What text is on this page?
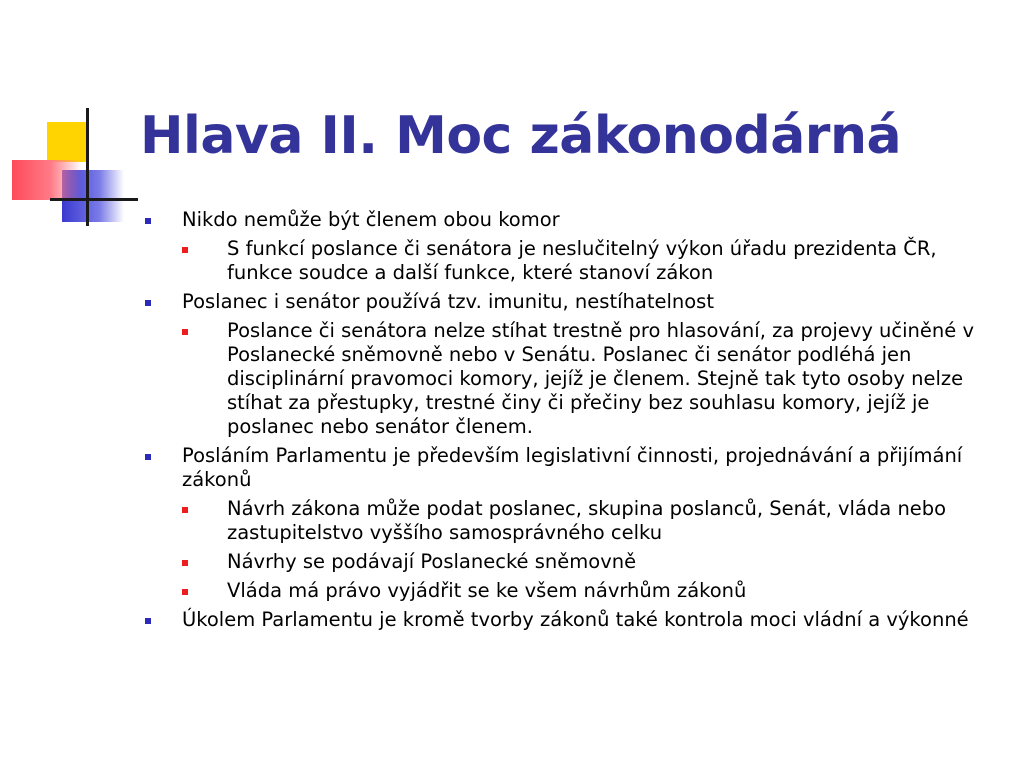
Hlava II. Moc zákonodárná
Nikdo nemůže být členem obou komor
S funkcí poslance či senátora je neslučitelný výkon úřadu prezidenta ČR, funkce soudce a další funkce, které stanoví zákon
Poslanec i senátor používá tzv. imunitu, nestíhatelnost
Poslance či senátora nelze stíhat trestně pro hlasování, za projevy učiněné v Poslanecké sněmovně nebo v Senátu. Poslanec či senátor podléhá jen disciplinární pravomoci komory, jejíž je členem. Stejně tak tyto osoby nelze stíhat za přestupky, trestné činy či přečiny bez souhlasu komory, jejíž je poslanec nebo senátor členem.
Posláním Parlamentu je především legislativní činnosti, projednávání a přijímání zákonů
Návrh zákona může podat poslanec, skupina poslanců, Senát, vláda nebo zastupitelstvo vyššího samosprávného celku
Návrhy se podávají Poslanecké sněmovně
Vláda má právo vyjádřit se ke všem návrhům zákonů
Úkolem Parlamentu je kromě tvorby zákonů také kontrola moci vládní a výkonné
